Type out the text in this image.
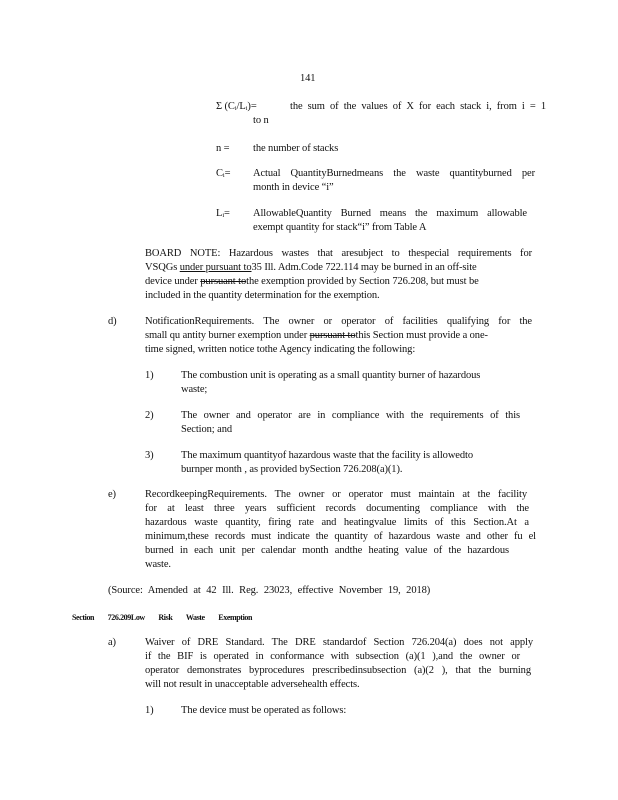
141
Σ $(C_i/L_i)=$	the sum of the values of X for each stack i, from i = 1
to n
n = the number of stacks
$C_i=$ Actual QuantityBurnedmeans the waste quantityburned per
month in device “i”
$L_i=$ AllowableQuantity Burned means the maximum allowable
exempt quantity for stack“i” from Table A
BOARD NOTE: Hazardous wastes that aresubject to thespecial requirements for
VSQGs under pursuant to35 Ill. Adm.Code 722.114 may be burned in an off-site
device under pursuant tothe exemption provided by Section 726.208, but must be
included in the quantity determination for the exemption.
d)	NotificationRequirements. The owner or operator of facilities qualifying for the
small qu antity burner exemption under pursuant tothis Section must provide a one-
time signed, written notice tothe Agency indicating the following:
1)	The combustion unit is operating as a small quantity burner of hazardous
waste;
2)	The owner and operator are in compliance with the requirements of this
Section; and
3)	The maximum quantityof hazardous waste that the facility is allowedto
burnper month , as provided bySection 726.208(a)(1).
e)	RecordkeepingRequirements. The owner or operator must maintain at the facility
for at least three years sufficient records documenting compliance with the
hazardous waste quantity, firing rate and heatingvalue limits of this Section.At a
minimum,these records must indicate the quantity of hazardous waste and other fu el
burned in each unit per calendar month andthe heating value of the hazardous
waste.
(Source: Amended at 42 Ill. Reg. 23023, effective November 19, 2018)
Section 726.209Low Risk Waste Exemption
a)	Waiver of DRE Standard. The DRE standardof Section 726.204(a) does not apply
if the BIF is operated in conformance with subsection (a)(1 ),and the owner or
operator demonstrates byprocedures prescribedinsubsection (a)(2 ), that the burning
will not result in unacceptable adversehealth effects.
1)	The device must be operated as follows:
